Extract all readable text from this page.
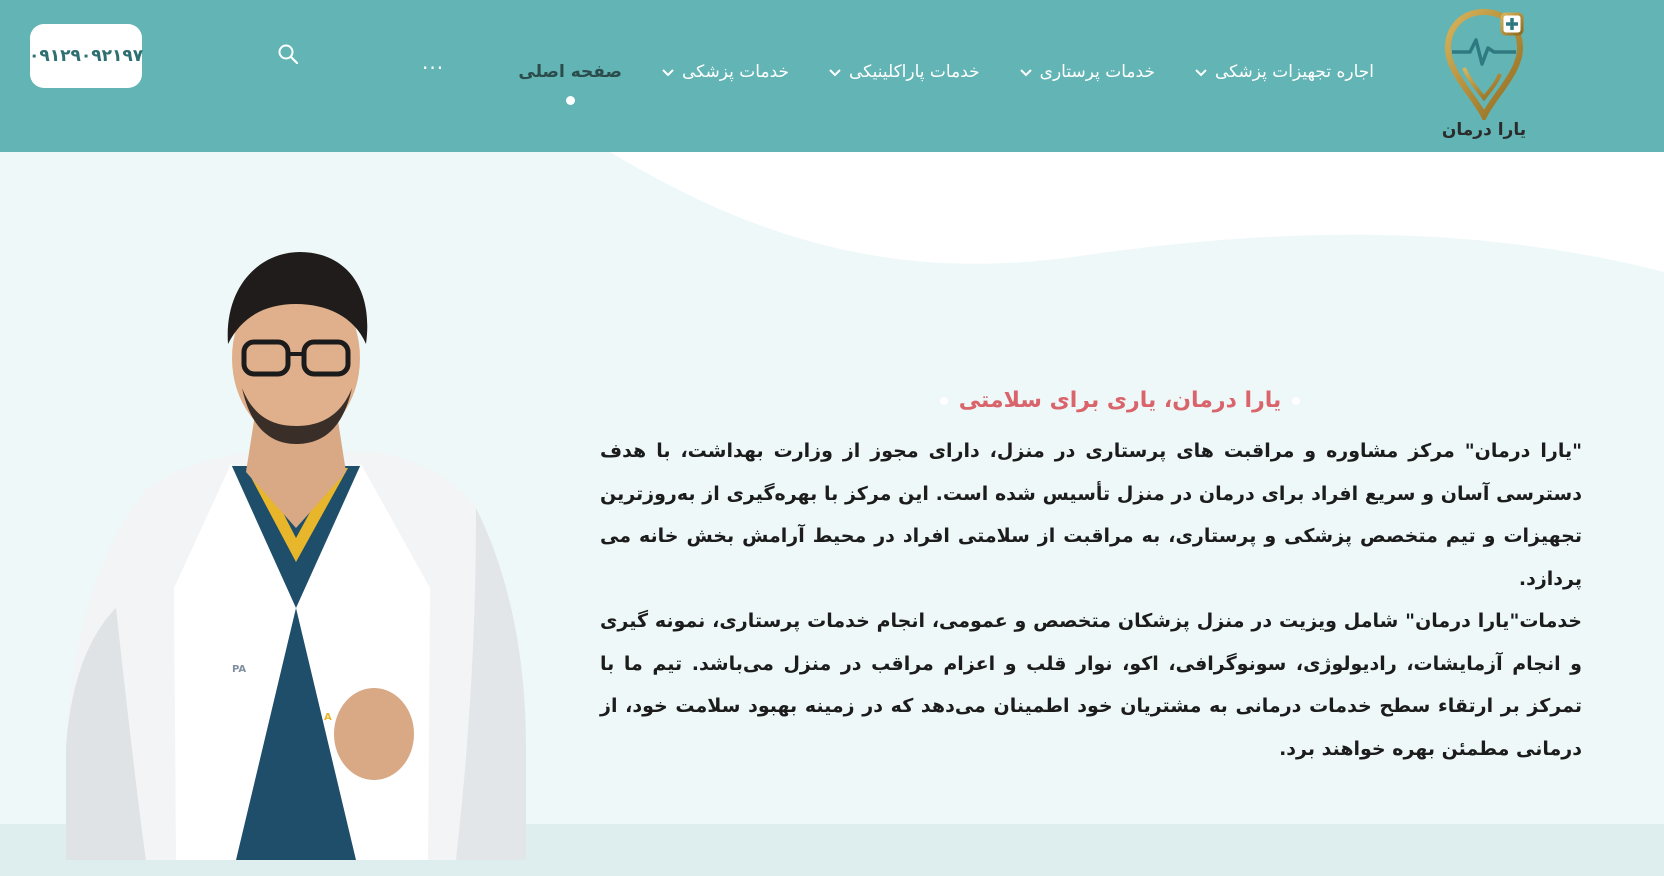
یارا درمان
صفحه اصلی	خدمات پزشکی	خدمات پاراکلینیکی	خدمات پرستاری	اجاره تجهیزات پزشکی
···
۰۹۱۲۹۰۹۲۱۹۷
PA
A
یارا درمان، یاری برای سلامتی

"یارا درمان" مرکز مشاوره و مراقبت های پرستاری در منزل، دارای مجوز از وزارت بهداشت، با هدف دسترسی آسان و سریع افراد برای درمان در منزل تأسیس شده است. این مرکز با بهره‌گیری از به‌روزترین تجهیزات و تیم متخصص پزشکی و پرستاری، به مراقبت از سلامتی افراد در محیط آرامش بخش خانه می پردازد.

خدمات"یارا درمان" شامل ویزیت در منزل پزشکان متخصص و عمومی، انجام خدمات پرستاری، نمونه گیری و انجام آزمایشات، رادیولوژی، سونوگرافی، اکو، نوار قلب و اعزام مراقب در منزل می‌باشد. تیم ما با تمرکز بر ارتقاء سطح خدمات درمانی به مشتریان خود اطمینان می‌دهد که در زمینه بهبود سلامت خود، از درمانی مطمئن بهره خواهند برد.
